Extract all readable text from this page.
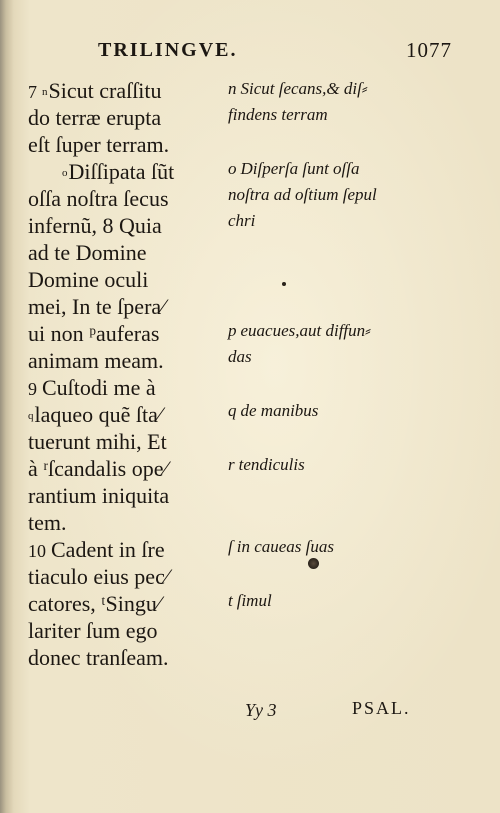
TRILINGVE.	1077
7 $^n$Sicut craſſitu
do terræ erupta
eſt ſuper terram.
$^o$Diſſipata ſũt
oſſa noſtra ſecus
infernũ, 8 Quia
ad te Domine
Domine oculi
mei, In te ſpera⁄
ui non ᵖauferas
animam meam.
9 Cuſtodi me à
$^q$laqueo quẽ ſta⁄
tuerunt mihi, Et
à ʳſcandalis ope⁄
rantium iniquita
tem.
10 Cadent in ſre
tiaculo eius pec⁄
catores, ᵗSingu⁄
lariter ſum ego
donec tranſeam.
n Sicut ſecans,& diſ⸗
findens terram
o Diſperſa ſunt oſſa
noſtra ad oſtium ſepul
chri
p euacues,aut diffun⸗
das
q de manibus
r tendiculis
ſ in caueas ſuas
t ſimul
Yy 3	PSAL.
